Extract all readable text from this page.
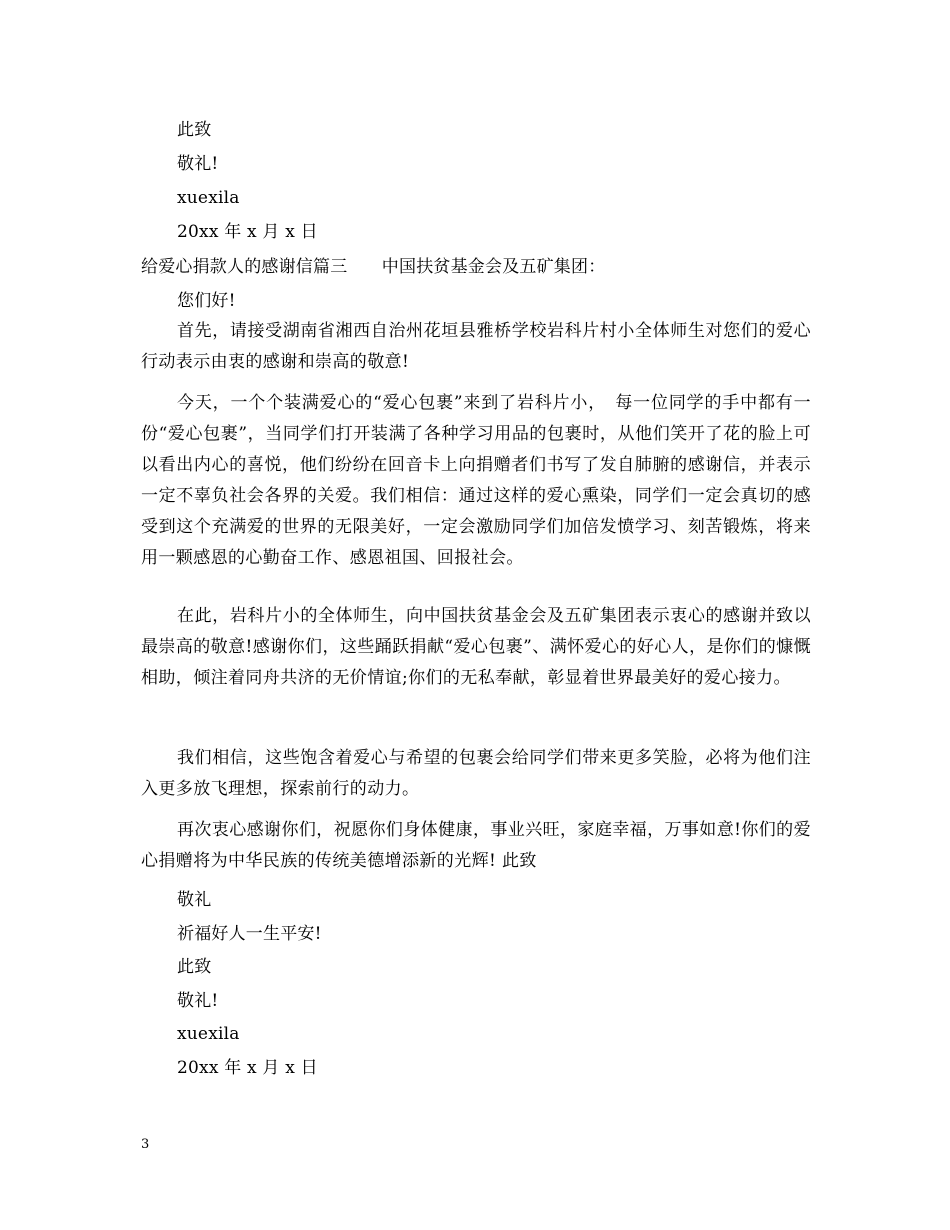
此致
敬礼!
xuexila
20xx 年 x 月 x 日
给爱心捐款人的感谢信篇三　　中国扶贫基金会及五矿集团：
您们好!
首先，请接受湖南省湘西自治州花垣县雅桥学校岩科片村小全体师生对您们的爱心行动表示由衷的感谢和崇高的敬意!
今天，一个个装满爱心的“爱心包裹”来到了岩科片小，　每一位同学的手中都有一份“爱心包裹”，当同学们打开装满了各种学习用品的包裹时，从他们笑开了花的脸上可以看出内心的喜悦，他们纷纷在回音卡上向捐赠者们书写了发自肺腑的感谢信，并表示一定不辜负社会各界的关爱。我们相信：通过这样的爱心熏染，同学们一定会真切的感受到这个充满爱的世界的无限美好，一定会激励同学们加倍发愤学习、刻苦锻炼，将来用一颗感恩的心勤奋工作、感恩祖国、回报社会。
在此，岩科片小的全体师生，向中国扶贫基金会及五矿集团表示衷心的感谢并致以最崇高的敬意!感谢你们，这些踊跃捐献“爱心包裹”、满怀爱心的好心人，是你们的慷慨相助，倾注着同舟共济的无价情谊;你们的无私奉献，彰显着世界最美好的爱心接力。
我们相信，这些饱含着爱心与希望的包裹会给同学们带来更多笑脸，必将为他们注入更多放飞理想，探索前行的动力。
再次衷心感谢你们，祝愿你们身体健康，事业兴旺，家庭幸福，万事如意!你们的爱心捐赠将为中华民族的传统美德增添新的光辉! 此致
敬礼
祈福好人一生平安!
此致
敬礼!
xuexila
20xx 年 x 月 x 日
3
